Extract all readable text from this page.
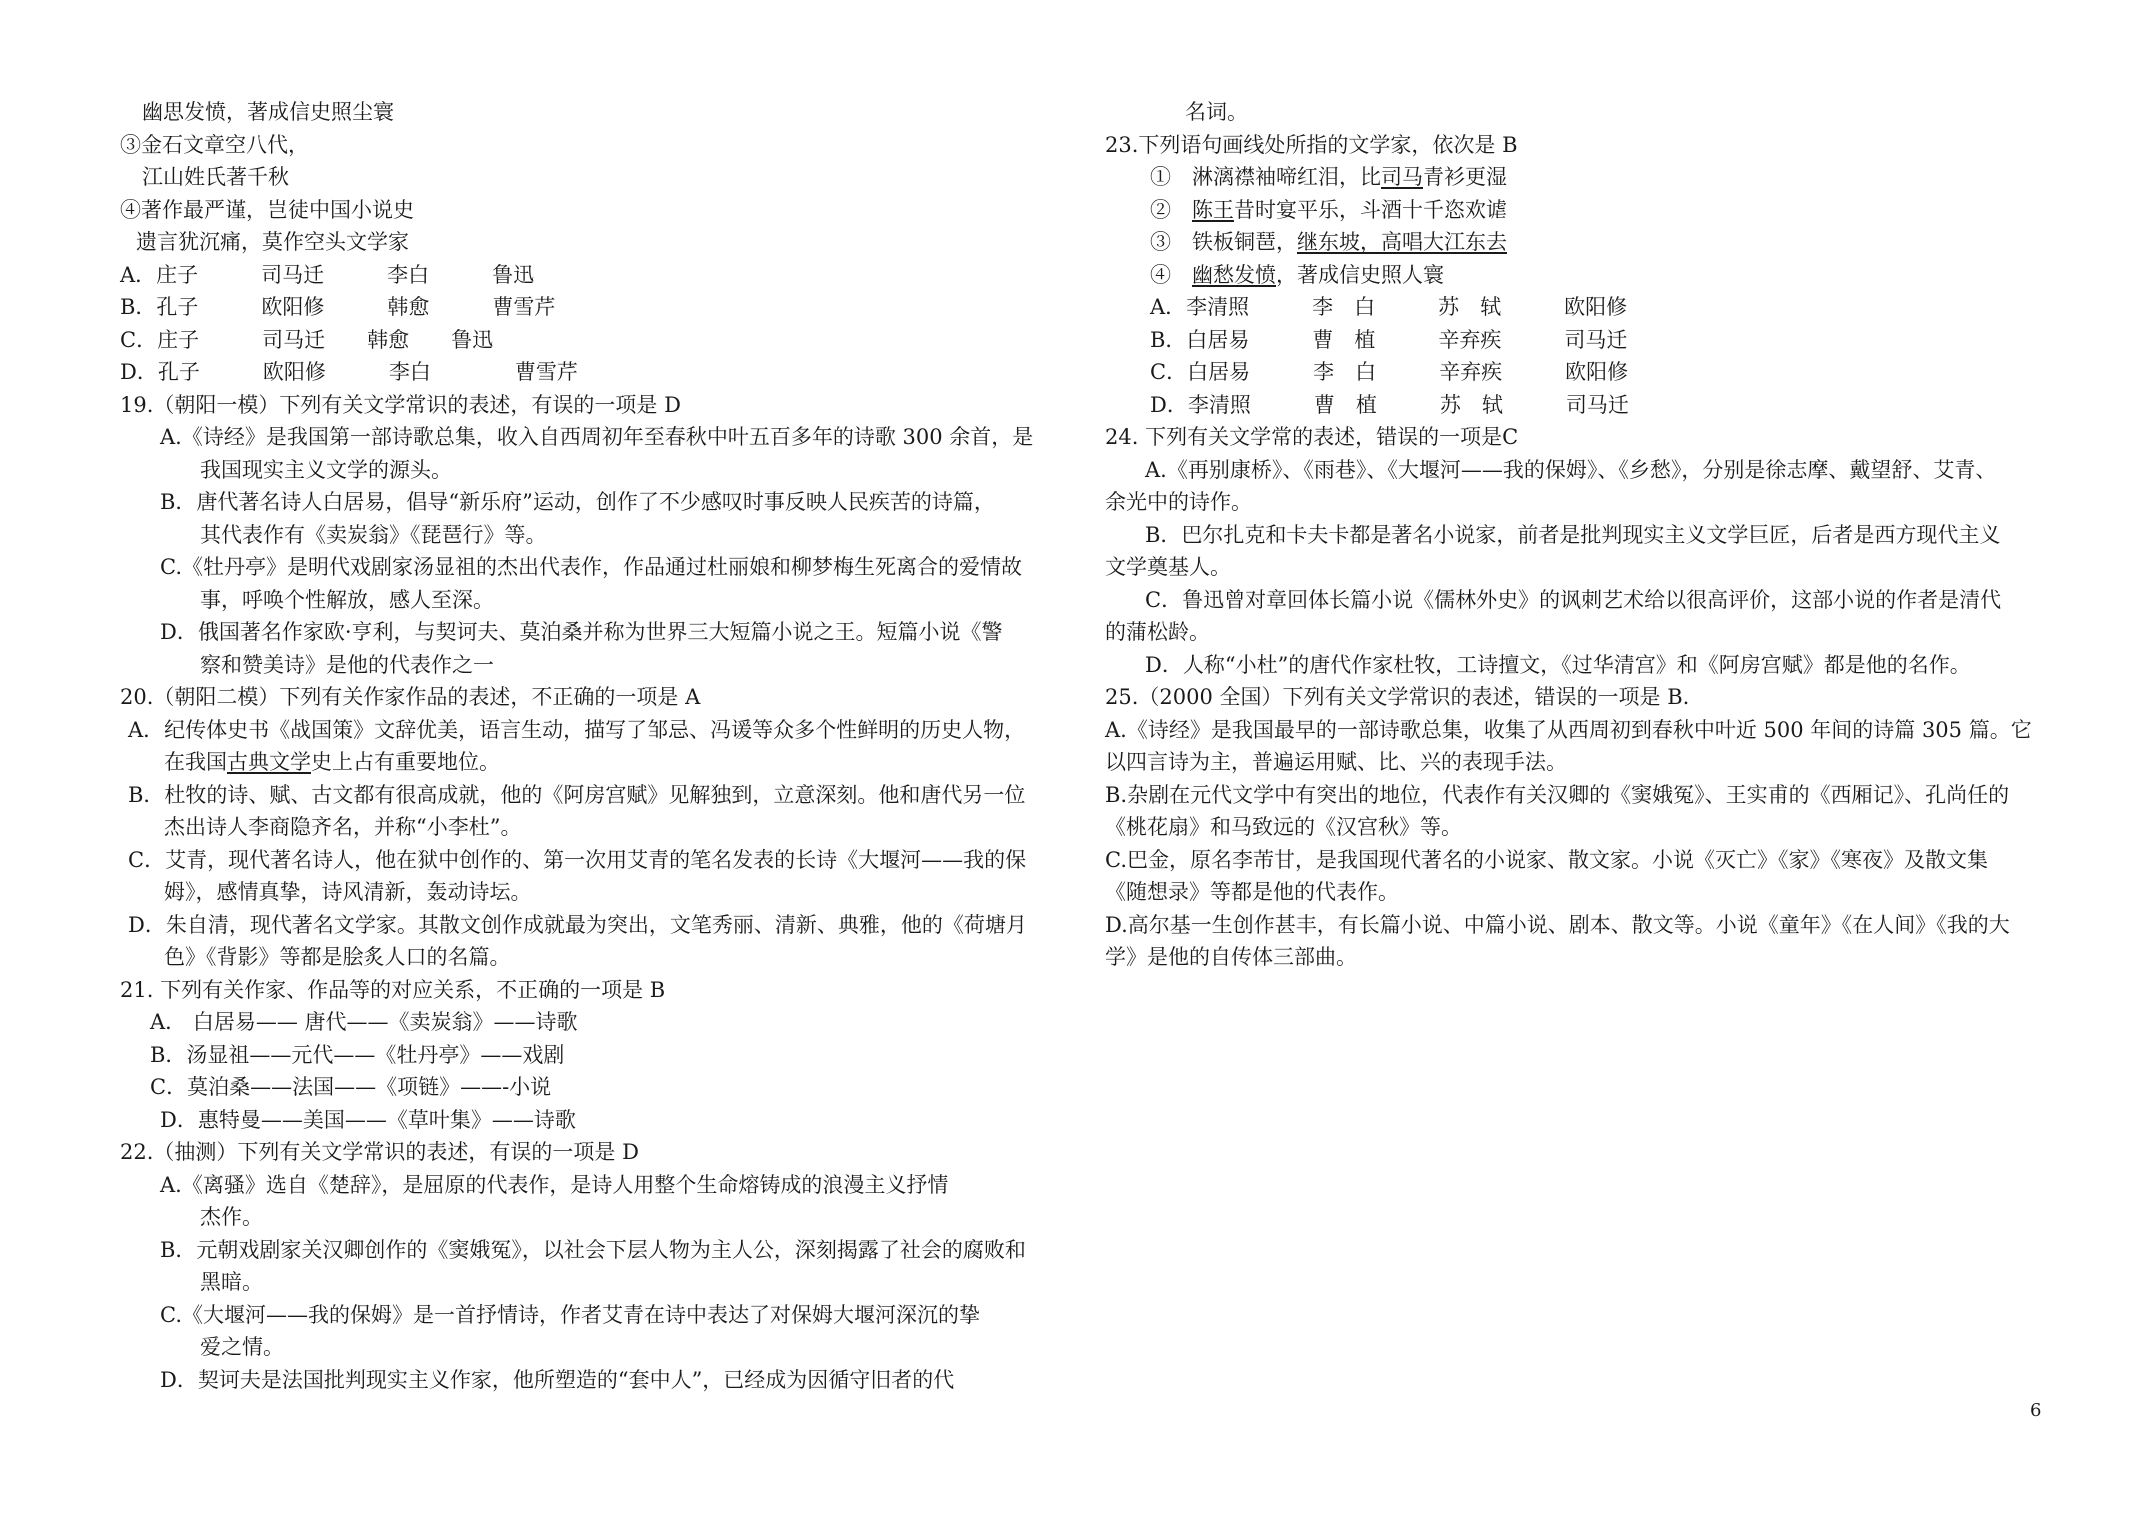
幽思发愤，著成信史照尘寰
③金石文章空八代，
江山姓氏著千秋
④著作最严谨，岂徒中国小说史
遗言犹沉痛，莫作空头文学家
A．庄子　　　司马迁　　　李白　　　鲁迅
B．孔子　　　欧阳修　　　韩愈　　　曹雪芹
C．庄子　　　司马迁　　韩愈　　鲁迅
D．孔子　　　欧阳修　　　李白　　　　曹雪芹
19.（朝阳一模）下列有关文学常识的表述，有误的一项是 D
A.《诗经》是我国第一部诗歌总集，收入自西周初年至春秋中叶五百多年的诗歌 300 余首，是
我国现实主义文学的源头。
B．唐代著名诗人白居易，倡导“新乐府”运动，创作了不少感叹时事反映人民疾苦的诗篇，
其代表作有《卖炭翁》《琵琶行》等。
C.《牡丹亭》是明代戏剧家汤显祖的杰出代表作，作品通过杜丽娘和柳梦梅生死离合的爱情故
事，呼唤个性解放，感人至深。
D．俄国著名作家欧·亨利，与契诃夫、莫泊桑并称为世界三大短篇小说之王。短篇小说《警
察和赞美诗》是他的代表作之一
20.（朝阳二模）下列有关作家作品的表述，不正确的一项是 A
A．纪传体史书《战国策》文辞优美，语言生动，描写了邹忌、冯谖等众多个性鲜明的历史人物，
在我国古典文学史上占有重要地位。
B．杜牧的诗、赋、古文都有很高成就，他的《阿房宫赋》见解独到，立意深刻。他和唐代另一位
杰出诗人李商隐齐名，并称“小李杜”。
C．艾青，现代著名诗人，他在狱中创作的、第一次用艾青的笔名发表的长诗《大堰河——我的保
姆》，感情真挚，诗风清新，轰动诗坛。
D．朱自清，现代著名文学家。其散文创作成就最为突出，文笔秀丽、清新、典雅，他的《荷塘月
色》《背影》等都是脍炙人口的名篇。
21. 下列有关作家、作品等的对应关系，不正确的一项是 B
A． 白居易—— 唐代——《卖炭翁》——诗歌
B．汤显祖——元代——《牡丹亭》——戏剧
C．莫泊桑——法国——《项链》——-小说
D．惠特曼——美国——《草叶集》——诗歌
22.（抽测）下列有关文学常识的表述，有误的一项是 D
A.《离骚》选自《楚辞》，是屈原的代表作，是诗人用整个生命熔铸成的浪漫主义抒情
杰作。
B．元朝戏剧家关汉卿创作的《窦娥冤》，以社会下层人物为主人公，深刻揭露了社会的腐败和
黑暗。
C.《大堰河——我的保姆》是一首抒情诗，作者艾青在诗中表达了对保姆大堰河深沉的挚
爱之情。
D．契诃夫是法国批判现实主义作家，他所塑造的“套中人”，已经成为因循守旧者的代
名词。
23.下列语句画线处所指的文学家，依次是 B
①　淋漓襟袖啼红泪，比司马青衫更湿
②　陈王昔时宴平乐，斗酒十千恣欢谑
③　铁板铜琶，继东坡，高唱大江东去
④　幽愁发愤，著成信史照人寰
A．李清照　　　李　白　　　苏　轼　　　欧阳修
B．白居易　　　曹　植　　　辛弃疾　　　司马迁
C．白居易　　　李　白　　　辛弃疾　　　欧阳修
D．李清照　　　曹　植　　　苏　轼　　　司马迁
24. 下列有关文学常的表述，错误的一项是C
A.《再别康桥》、《雨巷》、《大堰河——我的保姆》、《乡愁》，分别是徐志摩、戴望舒、艾青、
余光中的诗作。
B．巴尔扎克和卡夫卡都是著名小说家，前者是批判现实主义文学巨匠，后者是西方现代主义
文学奠基人。
C．鲁迅曾对章回体长篇小说《儒林外史》的讽刺艺术给以很高评价，这部小说的作者是清代
的蒲松龄。
D．人称“小杜”的唐代作家杜牧，工诗擅文，《过华清宫》和《阿房宫赋》都是他的名作。
25.（2000 全国）下列有关文学常识的表述，错误的一项是 B.
A.《诗经》是我国最早的一部诗歌总集，收集了从西周初到春秋中叶近 500 年间的诗篇 305 篇。它
以四言诗为主，普遍运用赋、比、兴的表现手法。
B.杂剧在元代文学中有突出的地位，代表作有关汉卿的《窦娥冤》、王实甫的《西厢记》、孔尚任的
《桃花扇》和马致远的《汉宫秋》等。
C.巴金，原名李芾甘，是我国现代著名的小说家、散文家。小说《灭亡》《家》《寒夜》及散文集
《随想录》等都是他的代表作。
D.高尔基一生创作甚丰，有长篇小说、中篇小说、剧本、散文等。小说《童年》《在人间》《我的大
学》是他的自传体三部曲。
6
